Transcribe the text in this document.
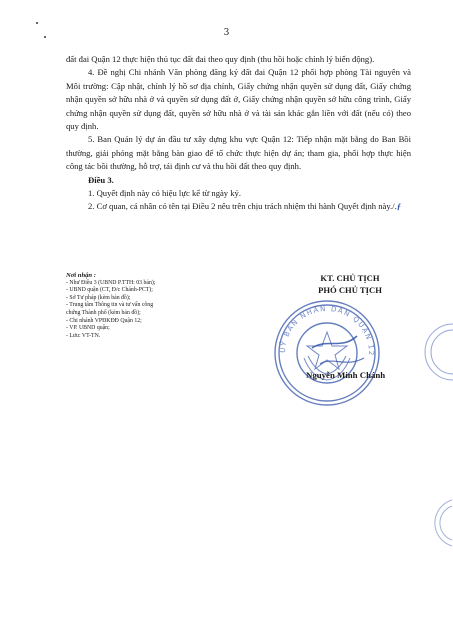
3

đất đai Quận 12 thực hiện thủ tục đất đai theo quy định (thu hồi hoặc chỉnh lý biến động).

4. Đề nghị Chi nhánh Văn phòng đăng ký đất đai Quận 12 phối hợp phòng Tài nguyên và Môi trường: Cập nhật, chỉnh lý hồ sơ địa chính, Giấy chứng nhận quyền sử dụng đất, Giấy chứng nhận quyền sở hữu nhà ở và quyền sử dụng đất ở, Giấy chứng nhận quyền sở hữu công trình, Giấy chứng nhận quyền sử dụng đất, quyền sở hữu nhà ở và tài sản khác gắn liền với đất (nếu có) theo quy định.

5. Ban Quản lý dự án đầu tư xây dựng khu vực Quận 12: Tiếp nhận mặt bằng do Ban Bồi thường, giải phóng mặt bằng bàn giao để tổ chức thực hiện dự án; tham gia, phối hợp thực hiện công tác bồi thường, hỗ trợ, tái định cư và thu hồi đất theo quy định.

Điều 3.

1. Quyết định này có hiệu lực kể từ ngày ký.

2. Cơ quan, cá nhân có tên tại Điều 2 nêu trên chịu trách nhiệm thi hành Quyết định này./.ƒ

Nơi nhận :

- Như Điều 3 (UBND P.TTH: 03 bản);

- UBND quận (CT, Đ/c Chánh-PCT);

- Sở Tư pháp (kèm bản đồ);

- Trung tâm Thông tin và tư vấn công

chứng Thành phố (kèm bản đồ);

- Chi nhánh VPĐKĐĐ Quận 12;

- VP. UBND quận;

- Lưu: VT-TN.

KT. CHỦ TỊCH
PHÓ CHỦ TỊCH
UỶ BAN NHÂN DÂN QUẬN 12
Nguyễn Minh Chánh
